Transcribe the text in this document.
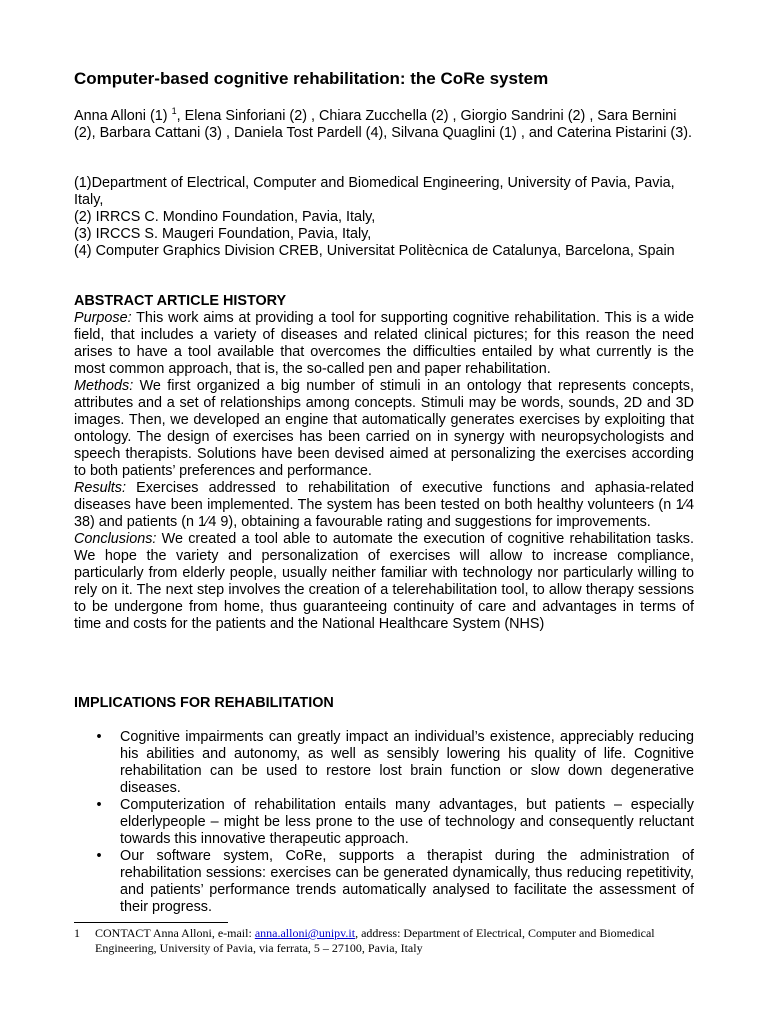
Computer-based cognitive rehabilitation: the CoRe system

Anna Alloni (1) $^1$, Elena Sinforiani (2) , Chiara Zucchella (2) , Giorgio Sandrini (2) , Sara Bernini (2), Barbara Cattani (3) , Daniela Tost Pardell (4), Silvana Quaglini (1) , and Caterina Pistarini (3).

(1)Department of Electrical, Computer and Biomedical Engineering, University of Pavia, Pavia, Italy,
(2) IRRCS C. Mondino Foundation, Pavia, Italy,
(3) IRCCS S. Maugeri Foundation, Pavia, Italy,
(4) Computer Graphics Division CREB, Universitat Politècnica de Catalunya, Barcelona, Spain
ABSTRACT ARTICLE HISTORY
Purpose: This work aims at providing a tool for supporting cognitive rehabilitation. This is a wide field, that includes a variety of diseases and related clinical pictures; for this reason the need arises to have a tool available that overcomes the difficulties entailed by what currently is the most common approach, that is, the so-called pen and paper rehabilitation.
Methods: We first organized a big number of stimuli in an ontology that represents concepts, attributes and a set of relationships among concepts. Stimuli may be words, sounds, 2D and 3D images. Then, we developed an engine that automatically generates exercises by exploiting that ontology. The design of exercises has been carried on in synergy with neuropsychologists and speech therapists. Solutions have been devised aimed at personalizing the exercises according to both patients’ preferences and performance.
Results: Exercises addressed to rehabilitation of executive functions and aphasia-related diseases have been implemented. The system has been tested on both healthy volunteers (n 1⁄4 38) and patients (n 1⁄4 9), obtaining a favourable rating and suggestions for improvements.
Conclusions: We created a tool able to automate the execution of cognitive rehabilitation tasks. We hope the variety and personalization of exercises will allow to increase compliance, particularly from elderly people, usually neither familiar with technology nor particularly willing to rely on it. The next step involves the creation of a telerehabilitation tool, to allow therapy sessions to be undergone from home, thus guaranteeing continuity of care and advantages in terms of time and costs for the patients and the National Healthcare System (NHS)
IMPLICATIONS FOR REHABILITATION
• Cognitive impairments can greatly impact an individual’s existence, appreciably reducing his abilities and autonomy, as well as sensibly lowering his quality of life. Cognitive rehabilitation can be used to restore lost brain function or slow down degenerative diseases.
• Computerization of rehabilitation entails many advantages, but patients – especially elderlypeople – might be less prone to the use of technology and consequently reluctant towards this innovative therapeutic approach.
• Our software system, CoRe, supports a therapist during the administration of rehabilitation sessions: exercises can be generated dynamically, thus reducing repetitivity, and patients’ performance trends automatically analysed to facilitate the assessment of their progress.
1	CONTACT Anna Alloni, e-mail: anna.alloni@unipv.it, address: Department of Electrical, Computer and Biomedical Engineering, University of Pavia, via ferrata, 5 – 27100, Pavia, Italy
